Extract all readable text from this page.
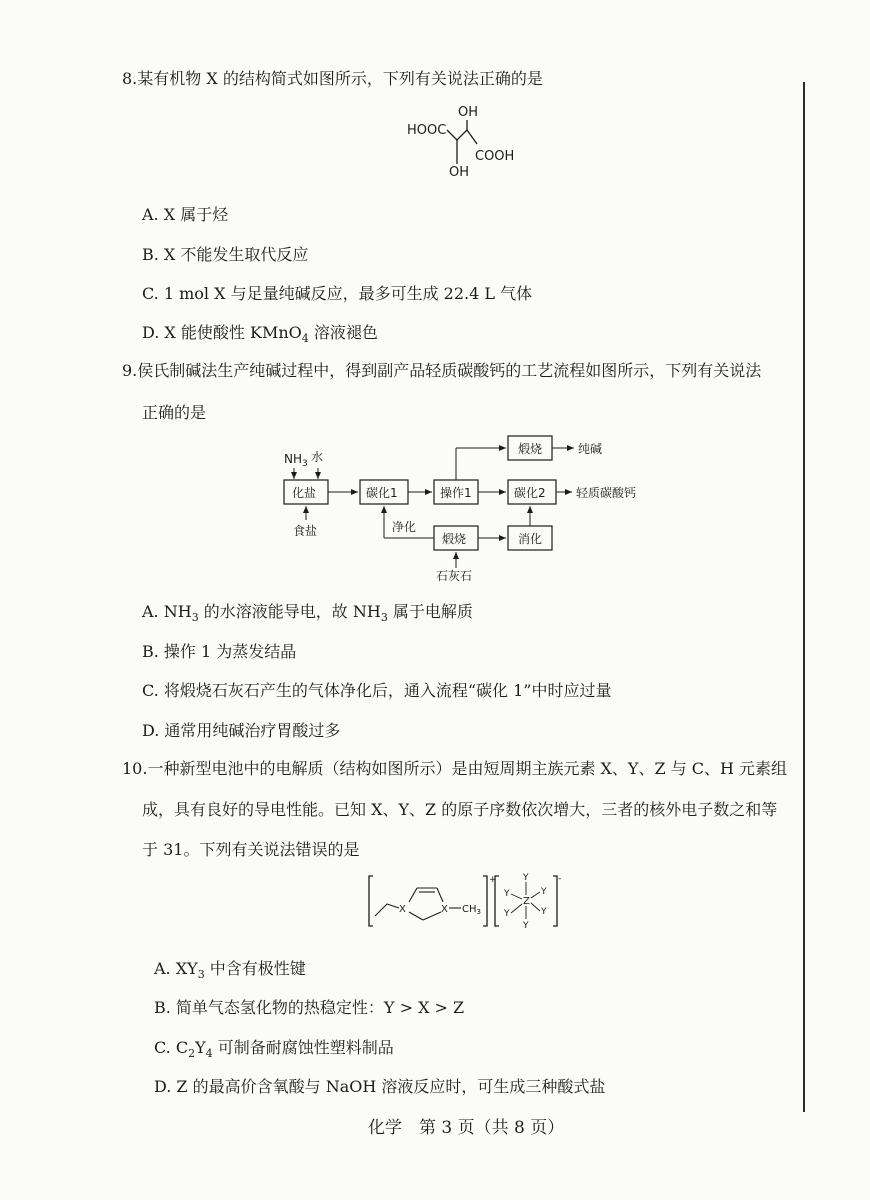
8.某有机物 X 的结构简式如图所示，下列有关说法正确的是
HOOC
OH
COOH
OH
A. X 属于烃
B. X 不能发生取代反应
C. 1 mol X 与足量纯碱反应，最多可生成 22.4 L 气体
D. X 能使酸性 KMnO$_4$ 溶液褪色
9.侯氏制碱法生产纯碱过程中，得到副产品轻质碳酸钙的工艺流程如图所示，下列有关说法
正确的是
$NH_3$ 水
化盐
食盐
碳化1	操作1
煅烧	纯碱
碳化2	轻质碳酸钙
煅烧
净化
消化
石灰石
A. $NH_3$ 的水溶液能导电，故 $NH_3$ 属于电解质
B. 操作 1 为蒸发结晶
C. 将煅烧石灰石产生的气体净化后，通入流程“碳化 1”中时应过量
D. 通常用纯碱治疗胃酸过多
10.一种新型电池中的电解质（结构如图所示）是由短周期主族元素 X、Y、Z 与 C、H 元素组
成，具有良好的导电性能。已知 X、Y、Z 的原子序数依次增大，三者的核外电子数之和等
于 31。下列有关说法错误的是
+
X	X $CH_3$
-
Y
Y	Y
Z
Y	Y
Y
A. $XY_3$ 中含有极性键
B. 简单气态氢化物的热稳定性：Y > X > Z
C. $C_2Y_4$ 可制备耐腐蚀性塑料制品
D. Z 的最高价含氧酸与 NaOH 溶液反应时，可生成三种酸式盐
化学　第 3 页（共 8 页）
